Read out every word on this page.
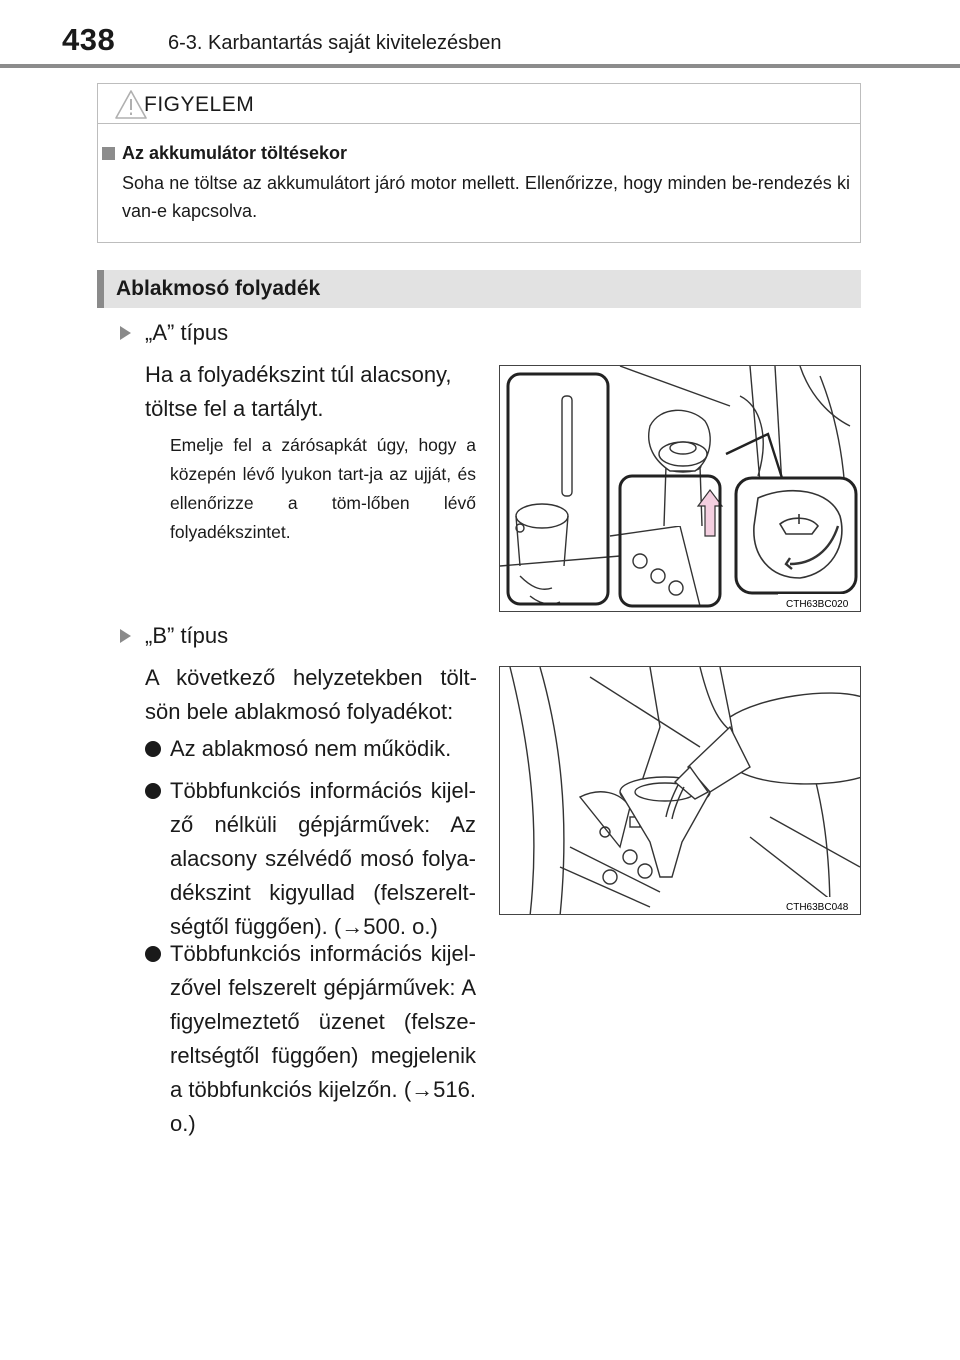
438	6-3. Karbantartás saját kivitelezésben
FIGYELEM
Az akkumulátor töltésekor
Soha ne töltse az akkumulátort járó motor mellett. Ellenőrizze, hogy minden be-rendezés ki van-e kapcsolva.
Ablakmosó folyadék
„A” típus
Ha a folyadékszint túl alacsony,
töltse fel a tartályt.
Emelje fel a zárósapkát úgy, hogy a közepén lévő lyukon tart-ja az ujját, és ellenőrizze a töm-lőben lévő folyadékszintet.
CTH63BC020
„B” típus
A következő helyzetekben tölt-sön bele ablakmosó folyadékot:
Az ablakmosó nem működik.
Többfunkciós információs kijel-ző nélküli gépjárművek: Az alacsony szélvédő mosó folya-dékszint kigyullad (felszerelt-ségtől függően). (→500. o.)
Többfunkciós információs kijel-zővel felszerelt gépjárművek: A figyelmeztető üzenet (felsze-reltségtől függően) megjelenik a többfunkciós kijelzőn. (→516. o.)
CTH63BC048
